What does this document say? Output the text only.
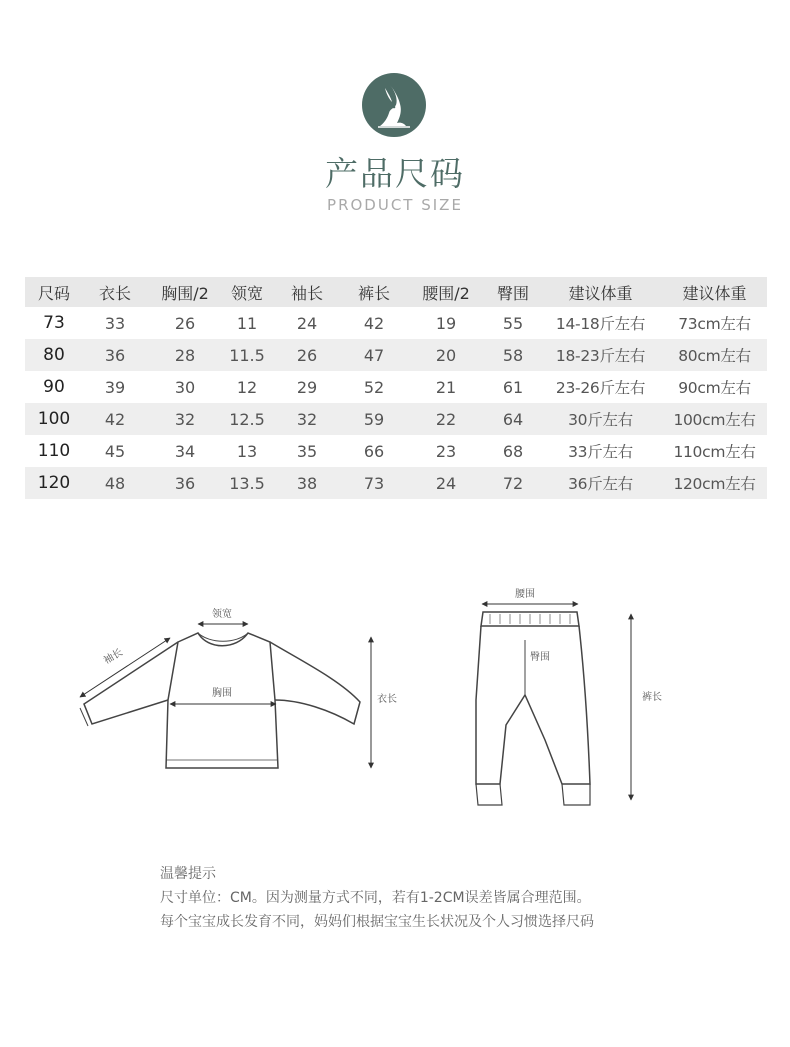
产品尺码
PRODUCT SIZE
尺码	衣长	胸围/2	领宽	袖长	裤长	腰围/2	臀围	建议体重	建议体重
73	33	26	11	24	42	19	55	14-18斤左右	73cm左右
80	36	28	11.5	26	47	20	58	18-23斤左右	80cm左右
90	39	30	12	29	52	21	61	23-26斤左右	90cm左右
100	42	32	12.5	32	59	22	64	30斤左右	100cm左右
110	45	34	13	35	66	23	68	33斤左右	110cm左右
120	48	36	13.5	38	73	24	72	36斤左右	120cm左右
领宽
袖长
胸围
衣长
腰围
臀围
裤长
温馨提示
尺寸单位：CM。因为测量方式不同，若有1-2CM误差皆属合理范围。
每个宝宝成长发育不同，妈妈们根据宝宝生长状况及个人习惯选择尺码
